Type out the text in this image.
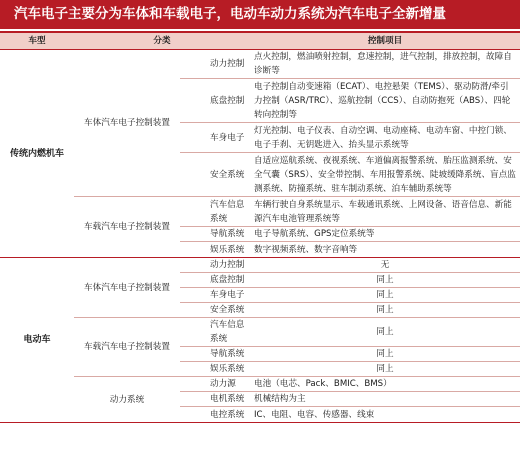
汽车电子主要分为车体和车载电子，电动车动力系统为汽车电子全新增量
车型	分类		控制项目
传统内燃机车	车体汽车电子控制装置	动力控制	点火控制，燃油喷射控制，怠速控制，进气控制，排放控制，故障自诊断等
		底盘控制	电子控制自动变速箱（ECAT）、电控悬架（TEMS）、驱动防滑/牵引力控制（ASR/TRC）、巡航控制（CCS）、自动防抱死（ABS）、四轮转向控制等
		车身电子	灯光控制、电子仪表、自动空调、电动座椅、电动车窗、中控门锁、电子手刹、无钥匙进入、抬头显示系统等
		安全系统	自适应巡航系统、夜视系统、车道偏离报警系统、胎压监测系统、安全气囊（SRS）、安全带控制、车用报警系统、陡坡缓降系统、盲点监测系统、防撞系统、驻车制动系统、泊车辅助系统等
	车载汽车电子控制装置	汽车信息系统	车辆行驶自身系统显示、车载通讯系统、上网设备、语音信息、新能源汽车电池管理系统等
		导航系统	电子导航系统、GPS定位系统等
		娱乐系统	数字视频系统、数字音响等
电动车	车体汽车电子控制装置	动力控制	无
		底盘控制	同上
		车身电子	同上
		安全系统	同上
	车载汽车电子控制装置	汽车信息系统	同上
		导航系统	同上
		娱乐系统	同上
	动力系统	动力源	电池（电芯、Pack、BMIC、BMS）
		电机系统	机械结构为主
		电控系统	IC、电阻、电容、传感器、线束
